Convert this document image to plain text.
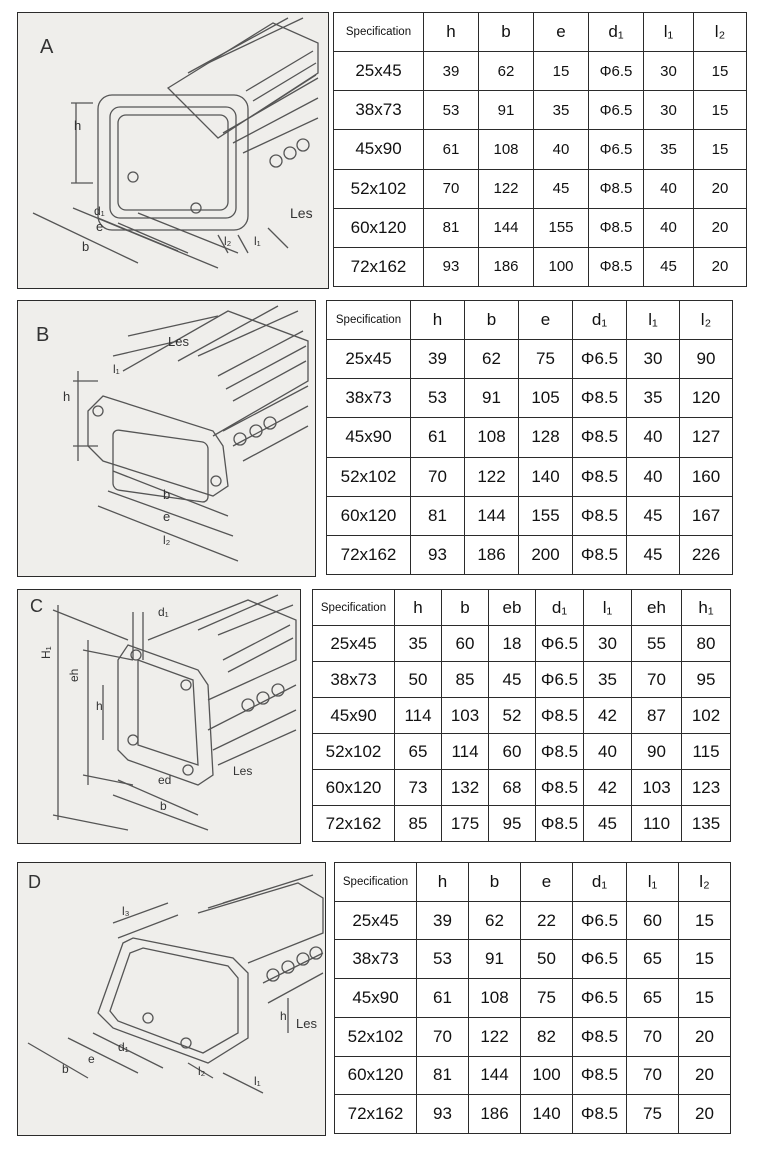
A
h
b
e
d₁	Les
l₂ l₁
Specification	h	b	e	d₁	l₁	l₂
25x45	39	62	15	Φ6.5	30	15
38x73	53	91	35	Φ6.5	30	15
45x90	61	108	40	Φ6.5	35	15
52x102	70	122	45	Φ8.5	40	20
60x120	81	144	155	Φ8.5	40	20
72x162	93	186	100	Φ8.5	45	20
B	Les
l₁
h
b
e
l₂
Specification	h	b	e	d₁	l₁	l₂
25x45	39	62	75	Φ6.5	30	90
38x73	53	91	105	Φ8.5	35	120
45x90	61	108	128	Φ8.5	40	127
52x102	70	122	140	Φ8.5	40	160
60x120	81	144	155	Φ8.5	45	167
72x162	93	186	200	Φ8.5	45	226
C	d₁
H₁
eh
h
ed
b
Les
Specification	h	b	eb	d₁	l₁	eh	h₁
25x45	35	60	18	Φ6.5	30	55	80
38x73	50	85	45	Φ6.5	35	70	95
45x90	114	103	52	Φ8.5	42	87	102
52x102	65	114	60	Φ8.5	40	90	115
60x120	73	132	68	Φ8.5	42	103	123
72x162	85	175	95	Φ8.5	45	110	135
D
l₃
h Les
d₁
e
b	l₂
l₁
Specification	h	b	e	d₁	l₁	l₂
25x45	39	62	22	Φ6.5	60	15
38x73	53	91	50	Φ6.5	65	15
45x90	61	108	75	Φ6.5	65	15
52x102	70	122	82	Φ8.5	70	20
60x120	81	144	100	Φ8.5	70	20
72x162	93	186	140	Φ8.5	75	20
